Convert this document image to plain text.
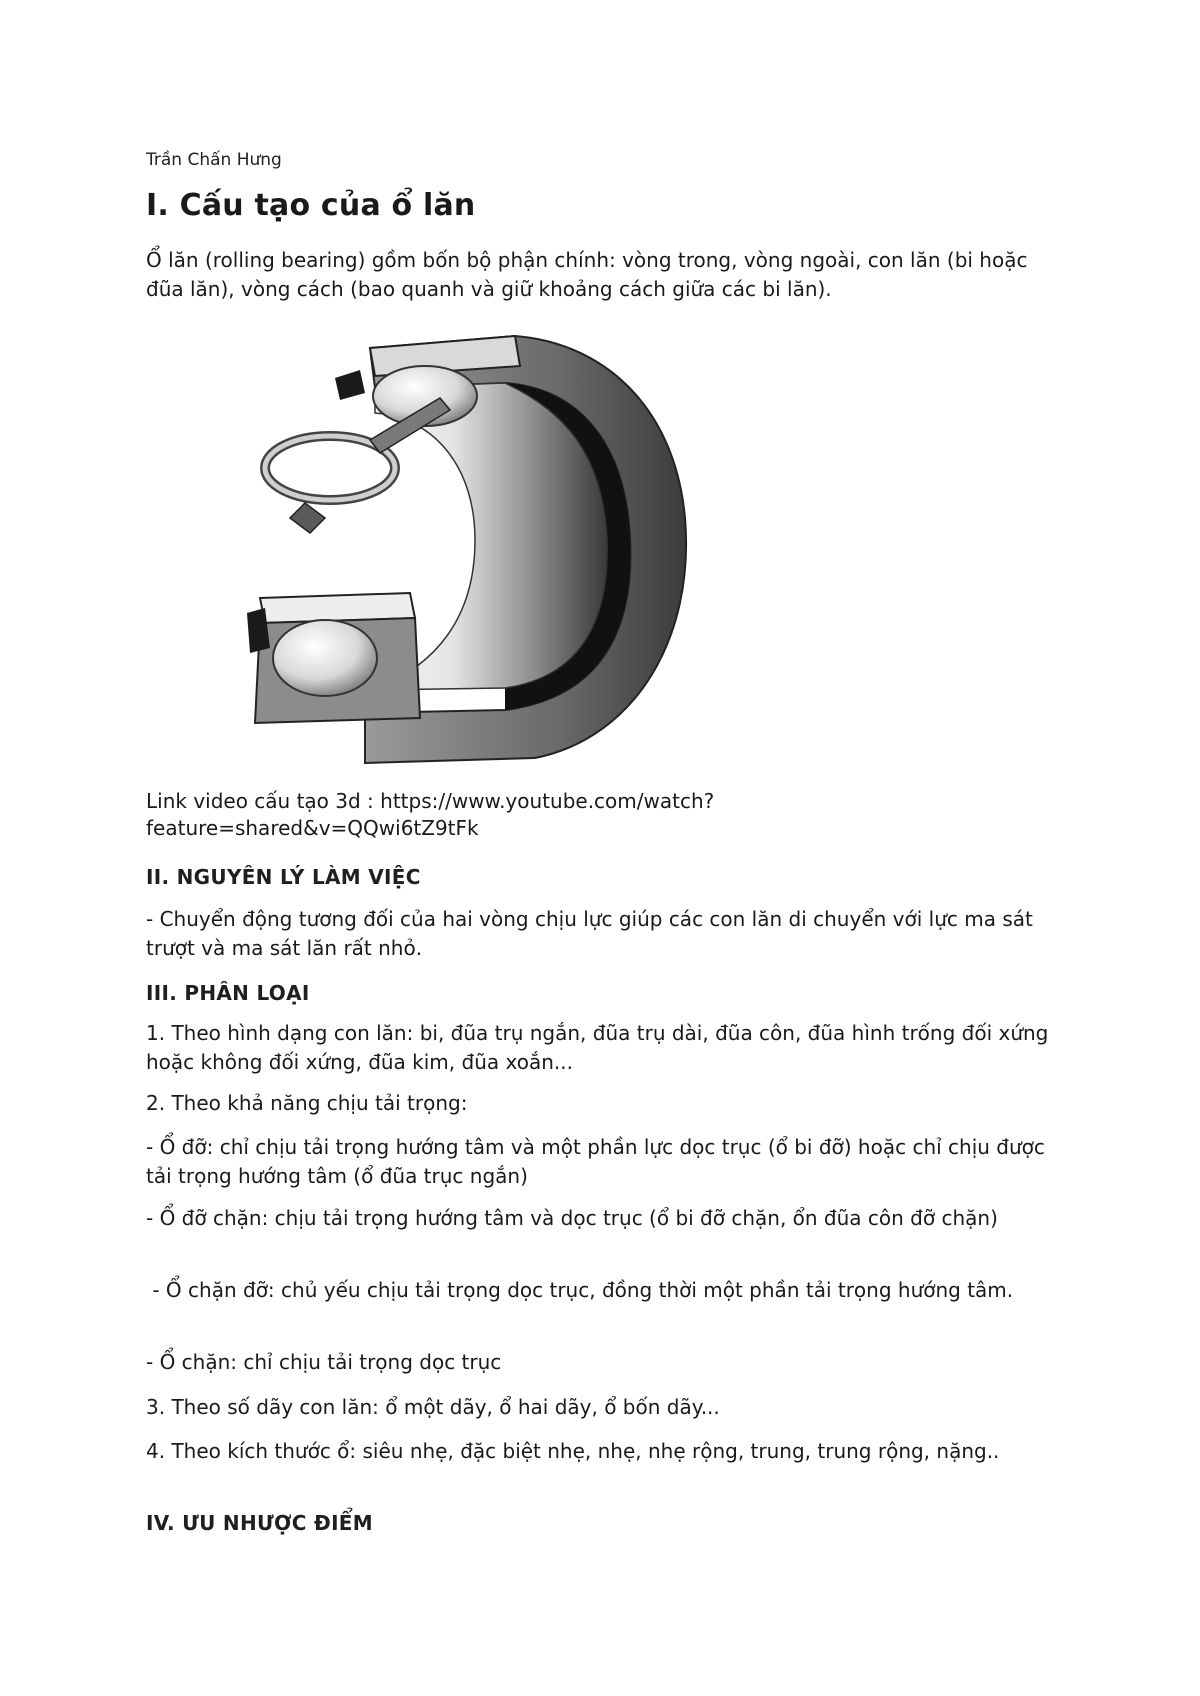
Trần Chấn Hưng
I. Cấu tạo của ổ lăn

Ổ lăn (rolling bearing) gồm bốn bộ phận chính: vòng trong, vòng ngoài, con lăn (bi hoặc đũa lăn), vòng cách (bao quanh và giữ khoảng cách giữa các bi lăn).

Link video cấu tạo 3d : https://www.youtube.com/watch?

feature=shared&v=QQwi6tZ9tFk

II. NGUYÊN LÝ LÀM VIỆC

- Chuyển động tương đối của hai vòng chịu lực giúp các con lăn di chuyển với lực ma sát trượt và ma sát lăn rất nhỏ.

III. PHÂN LOẠI

1. Theo hình dạng con lăn: bi, đũa trụ ngắn, đũa trụ dài, đũa côn, đũa hình trống đối xứng hoặc không đối xứng, đũa kim, đũa xoắn...

2. Theo khả năng chịu tải trọng:

- Ổ đỡ: chỉ chịu tải trọng hướng tâm và một phần lực dọc trục (ổ bi đỡ) hoặc chỉ chịu được tải trọng hướng tâm (ổ đũa trục ngắn)

- Ổ đỡ chặn: chịu tải trọng hướng tâm và dọc trục (ổ bi đỡ chặn, ổn đũa côn đỡ chặn)

- Ổ chặn đỡ: chủ yếu chịu tải trọng dọc trục, đồng thời một phần tải trọng hướng tâm.

- Ổ chặn: chỉ chịu tải trọng dọc trục

3. Theo số dãy con lăn: ổ một dãy, ổ hai dãy, ổ bốn dãy...

4. Theo kích thước ổ: siêu nhẹ, đặc biệt nhẹ, nhẹ, nhẹ rộng, trung, trung rộng, nặng..

IV. ƯU NHƯỢC ĐIỂM
